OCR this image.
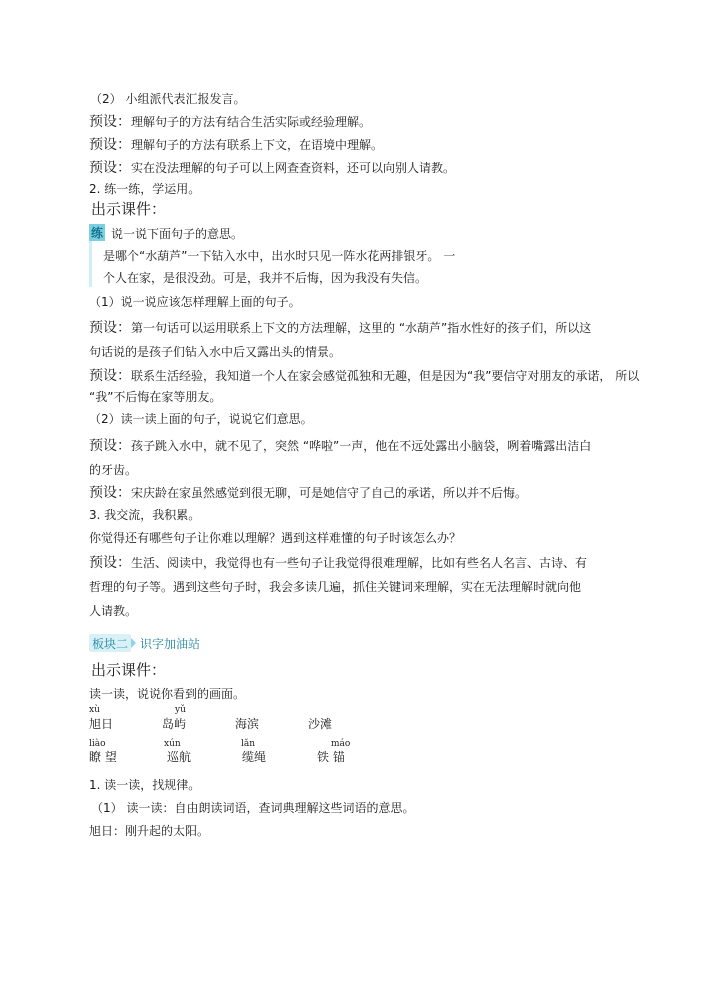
（2） 小组派代表汇报发言。
预设：理解句子的方法有结合生活实际或经验理解。
预设：理解句子的方法有联系上下文，在语境中理解。
预设：实在没法理解的句子可以上网查查资料，还可以向别人请教。
2. 练一练，学运用。
出示课件：
练 说一说下面句子的意思。
是哪个“水葫芦”一下钻入水中，出水时只见一阵水花两排银牙。 一
个人在家，是很没劲。可是，我并不后悔，因为我没有失信。
（1）说一说应该怎样理解上面的句子。
预设：第一句话可以运用联系上下文的方法理解，这里的 “水葫芦”指水性好的孩子们，所以这
句话说的是孩子们钻入水中后又露出头的情景。
预设：联系生活经验，我知道一个人在家会感觉孤独和无趣，但是因为“我”要信守对朋友的承诺， 所以
“我”不后悔在家等朋友。
（2）读一读上面的句子，说说它们意思。
预设：孩子跳入水中，就不见了，突然 “哗啦”一声，他在不远处露出小脑袋，咧着嘴露出洁白
的牙齿。
预设：宋庆龄在家虽然感觉到很无聊，可是她信守了自己的承诺，所以并不后悔。
3. 我交流，我积累。
你觉得还有哪些句子让你难以理解？遇到这样难懂的句子时该怎么办？
预设：生活、阅读中，我觉得也有一些句子让我觉得很难理解，比如有些名人名言、古诗、有
哲理的句子等。遇到这些句子时，我会多读几遍，抓住关键词来理解，实在无法理解时就向他
人请教。
板块二 识字加油站
出示课件：
读一读，说说你看到的画面。
xù
旭日
yǔ
岛屿	海滨	沙滩
liào
瞭 望
xún
巡航
lǎn
缆绳
máo
铁 锚
1. 读一读，找规律。
（1） 读一读：自由朗读词语，查词典理解这些词语的意思。
旭日：刚升起的太阳。
